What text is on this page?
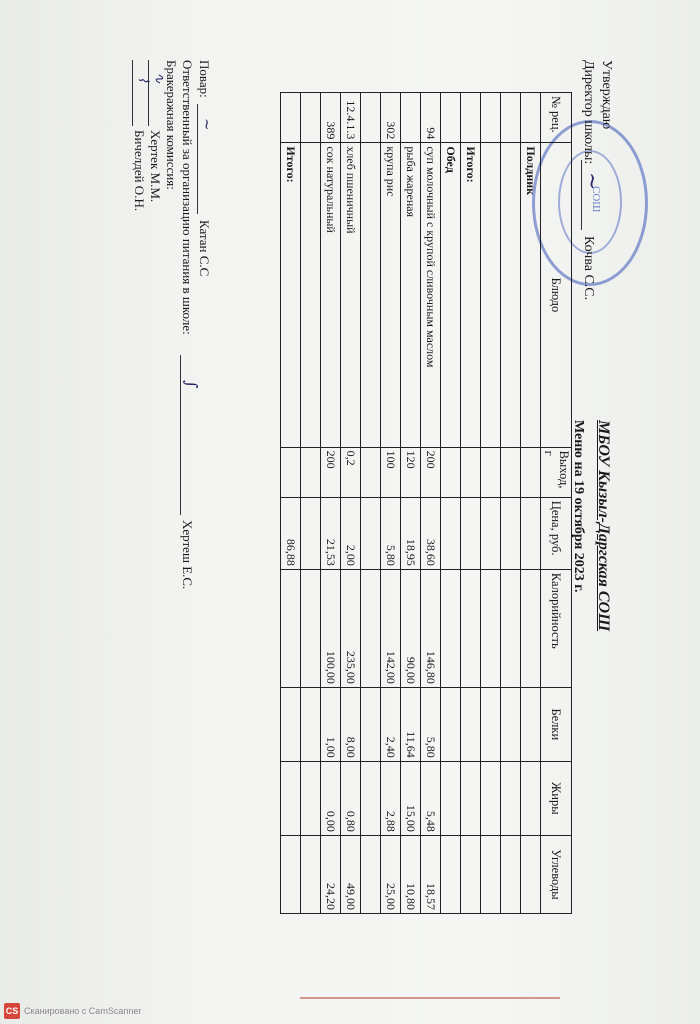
СОШ
~
Утверждаю
Директор школы:
Кочва С.С.
МБОУ Кызыл-Даргская СОШ
Меню на 19 октября 2023 г.
№ рец.	Блюдо	Выход, г	Цена, руб.	Калорийность	Белки	Жиры	Углеводы
	Полдник						

	Итого:						
	Обед						
94	суп молочный с крупой сливочным маслом	200	38,60	146,80	5,80	5,48	18,57
	рыба жареная	120	18,95	90,00	11,64	15,00	10,80
302	крупа рис	100	5,80	142,00	2,40	2,88	25,00

12.4.1.3	хлеб пшеничный	0,2	2,00	235,00	8,00	0,80	49,00
389	сок натуральный	200	21,53	100,00	1,00	0,00	24,20

	Итого:		86,88				
Повар:
∼
Катан С.С
Ответственный за организацию питания в школе:
∫
Хертеш Е.С.
Бракеражная комиссия:
∿
Хертек М.М.
⌇
Бичелдей О.Н.
CS Сканировано с CamScanner
